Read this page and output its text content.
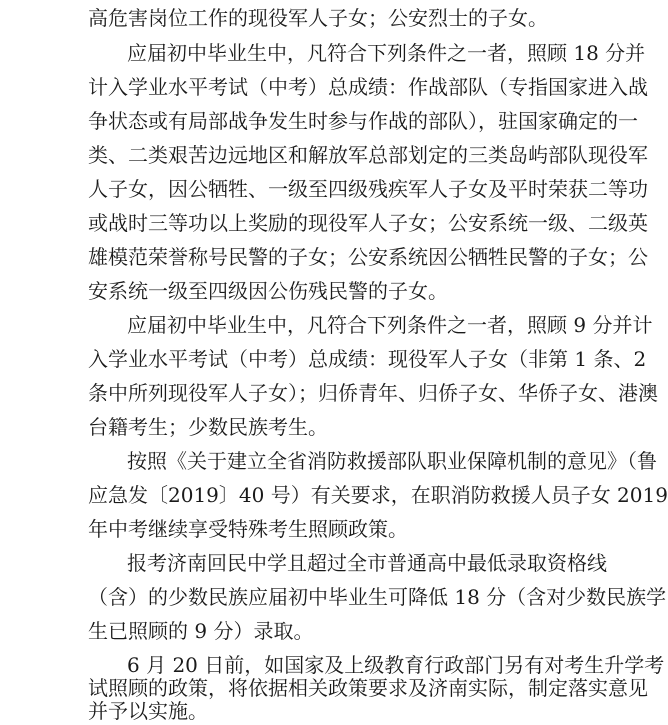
高危害岗位工作的现役军人子女；公安烈士的子女。
应届初中毕业生中，凡符合下列条件之一者，照顾 18 分并
计入学业水平考试（中考）总成绩：作战部队（专指国家进入战
争状态或有局部战争发生时参与作战的部队），驻国家确定的一
类、二类艰苦边远地区和解放军总部划定的三类岛屿部队现役军
人子女，因公牺牲、一级至四级残疾军人子女及平时荣获二等功
或战时三等功以上奖励的现役军人子女；公安系统一级、二级英
雄模范荣誉称号民警的子女；公安系统因公牺牲民警的子女；公
安系统一级至四级因公伤残民警的子女。
应届初中毕业生中，凡符合下列条件之一者，照顾 9 分并计
入学业水平考试（中考）总成绩：现役军人子女（非第 1 条、2
条中所列现役军人子女）；归侨青年、归侨子女、华侨子女、港澳
台籍考生；少数民族考生。
按照《关于建立全省消防救援部队职业保障机制的意见》（鲁
应急发〔2019〕40 号）有关要求，在职消防救援人员子女 2019
年中考继续享受特殊考生照顾政策。
报考济南回民中学且超过全市普通高中最低录取资格线
（含）的少数民族应届初中毕业生可降低 18 分（含对少数民族学
生已照顾的 9 分）录取。
6 月 20 日前，如国家及上级教育行政部门另有对考生升学考
试照顾的政策，将依据相关政策要求及济南实际，制定落实意见
并予以实施。
